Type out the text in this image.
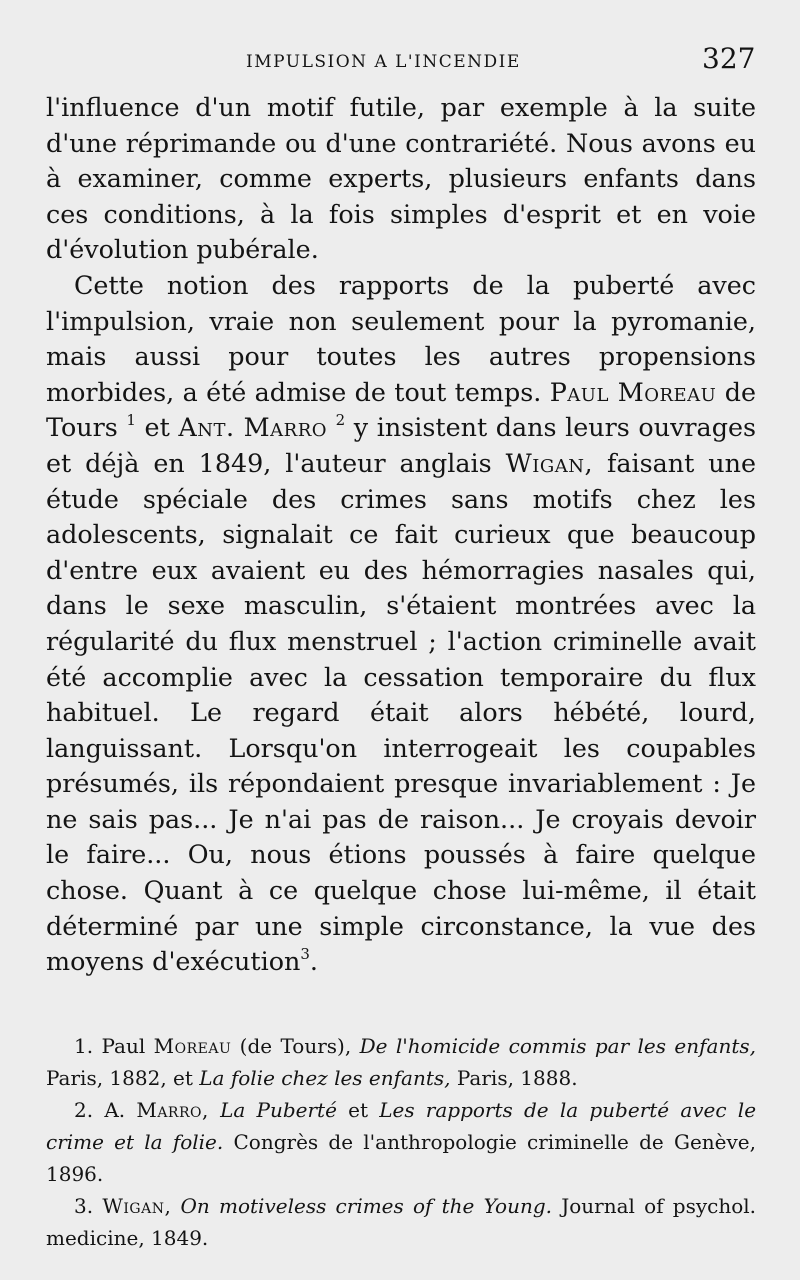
IMPULSION A L'INCENDIE	327

l'influence d'un motif futile, par exemple à la suite d'une réprimande ou d'une contrariété. Nous avons eu à examiner, comme experts, plusieurs enfants dans ces conditions, à la fois simples d'esprit et en voie d'évolution pubérale.

Cette notion des rapports de la puberté avec l'impulsion, vraie non seulement pour la pyromanie, mais aussi pour toutes les autres propensions morbides, a été admise de tout temps. Paul Moreau de Tours $^1$ et Ant. Marro $^2$ y insistent dans leurs ouvrages et déjà en 1849, l'auteur anglais Wigan, faisant une étude spéciale des crimes sans motifs chez les adolescents, signalait ce fait curieux que beaucoup d'entre eux avaient eu des hémorragies nasales qui, dans le sexe masculin, s'étaient montrées avec la régularité du flux menstruel ; l'action criminelle avait été accomplie avec la cessation temporaire du flux habituel. Le regard était alors hébété, lourd, languissant. Lorsqu'on interrogeait les coupables présumés, ils répondaient presque invariablement : Je ne sais pas... Je n'ai pas de raison... Je croyais devoir le faire... Ou, nous étions poussés à faire quelque chose. Quant à ce quelque chose lui-même, il était déterminé par une simple circonstance, la vue des moyens d'exécution$^3$.

1. Paul Moreau (de Tours), De l'homicide commis par les enfants, Paris, 1882, et La folie chez les enfants, Paris, 1888.

2. A. Marro, La Puberté et Les rapports de la puberté avec le crime et la folie. Congrès de l'anthropologie criminelle de Genève, 1896.

3. Wigan, On motiveless crimes of the Young. Journal of psychol. medicine, 1849.
